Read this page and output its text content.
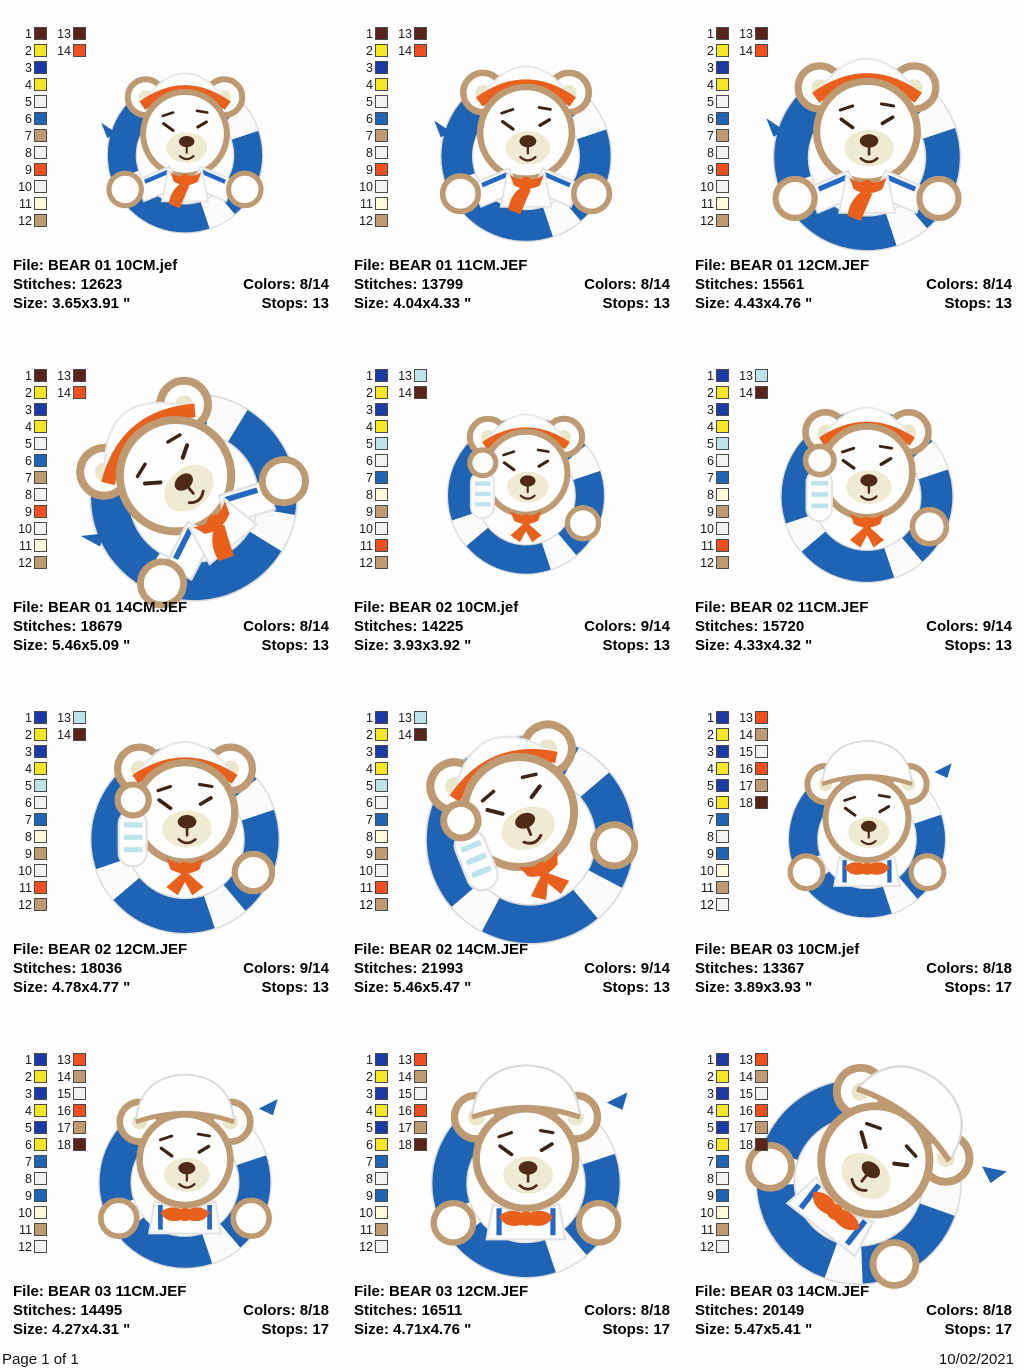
1	13
2	14
3
4
5
6
7
8
9
10
11
12
File: BEAR 01 10CM.jef
Stitches: 12623	Colors: 8/14
Size: 3.65x3.91 "	Stops: 13
1	13
2	14
3
4
5
6
7
8
9
10
11
12
File: BEAR 01 11CM.JEF
Stitches: 13799	Colors: 8/14
Size: 4.04x4.33 "	Stops: 13
1	13
2	14
3
4
5
6
7
8
9
10
11
12
File: BEAR 01 12CM.JEF
Stitches: 15561	Colors: 8/14
Size: 4.43x4.76 "	Stops: 13
1	13
2	14
3
4
5
6
7
8
9
10
11
12
File: BEAR 01 14CM.JEF
Stitches: 18679	Colors: 8/14
Size: 5.46x5.09 "	Stops: 13
1	13
2	14
3
4
5
6
7
8
9
10
11
12
File: BEAR 02 10CM.jef
Stitches: 14225	Colors: 9/14
Size: 3.93x3.92 "	Stops: 13
1	13
2	14
3
4
5
6
7
8
9
10
11
12
File: BEAR 02 11CM.JEF
Stitches: 15720	Colors: 9/14
Size: 4.33x4.32 "	Stops: 13
1	13
2	14
3
4
5
6
7
8
9
10
11
12
File: BEAR 02 12CM.JEF
Stitches: 18036	Colors: 9/14
Size: 4.78x4.77 "	Stops: 13
1	13
2	14
3
4
5
6
7
8
9
10
11
12
File: BEAR 02 14CM.JEF
Stitches: 21993	Colors: 9/14
Size: 5.46x5.47 "	Stops: 13
1	13
2	14
3	15
4	16
5	17
6	18
7
8
9
10
11
12
File: BEAR 03 10CM.jef
Stitches: 13367	Colors: 8/18
Size: 3.89x3.93 "	Stops: 17
1	13
2	14
3	15
4	16
5	17
6	18
7
8
9
10
11
12
File: BEAR 03 11CM.JEF
Stitches: 14495	Colors: 8/18
Size: 4.27x4.31 "	Stops: 17
1	13
2	14
3	15
4	16
5	17
6	18
7
8
9
10
11
12
File: BEAR 03 12CM.JEF
Stitches: 16511	Colors: 8/18
Size: 4.71x4.76 "	Stops: 17
1	13
2	14
3	15
4	16
5	17
6	18
7
8
9
10
11
12
File: BEAR 03 14CM.JEF
Stitches: 20149	Colors: 8/18
Size: 5.47x5.41 "	Stops: 17
Page 1 of 1	10/02/2021
